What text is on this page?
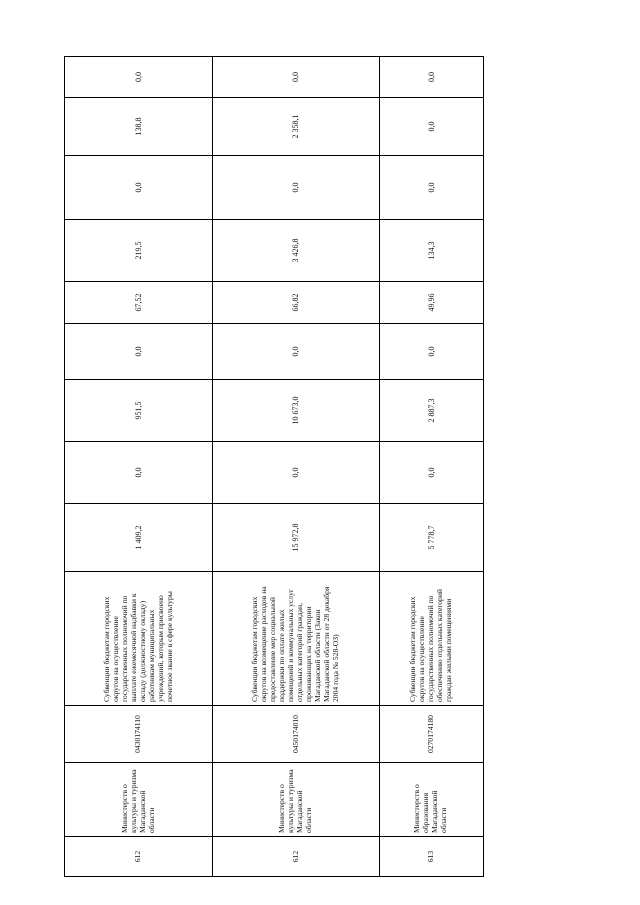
612	Министерств о культуры и туризма Магаданской области	0430174110	Субвенции бюджетам городских округов на осуществление государственных полномочий по выплате ежемесячной надбавки к окладу (должностному окладу) работникам муниципальных учреждений, которым присвоено почетное звание в сфере культуры	1 409,2	0,0	951,5	0,0	67,52	219,5	0,0	138,8	0,0	
612	Министерств о культуры и туризма Магаданской области	0450174010	Субвенции бюджетам городских округов на возмещение расходов на предоставление мер социальной поддержки по оплате жилых помещений и коммунальных услуг отдельных категорий граждан, проживающих на территории Магаданской области (Закон Магаданской области от 28 декабря 2004 года № 528-ОЗ)	15 972,8	0,0	10 673,0	0,0	66,82	3 426,8	0,0	2 358,1	0,0	
613	Министерств о образования Магаданской области	0270174180	Субвенции бюджетам городских округов на осуществление государственных полномочий по обеспечению отдельных категорий граждан жилыми помещениями	5 778,7	0,0	2 887,3	0,0	49,96	134,3	0,0	0,0	0,0	
